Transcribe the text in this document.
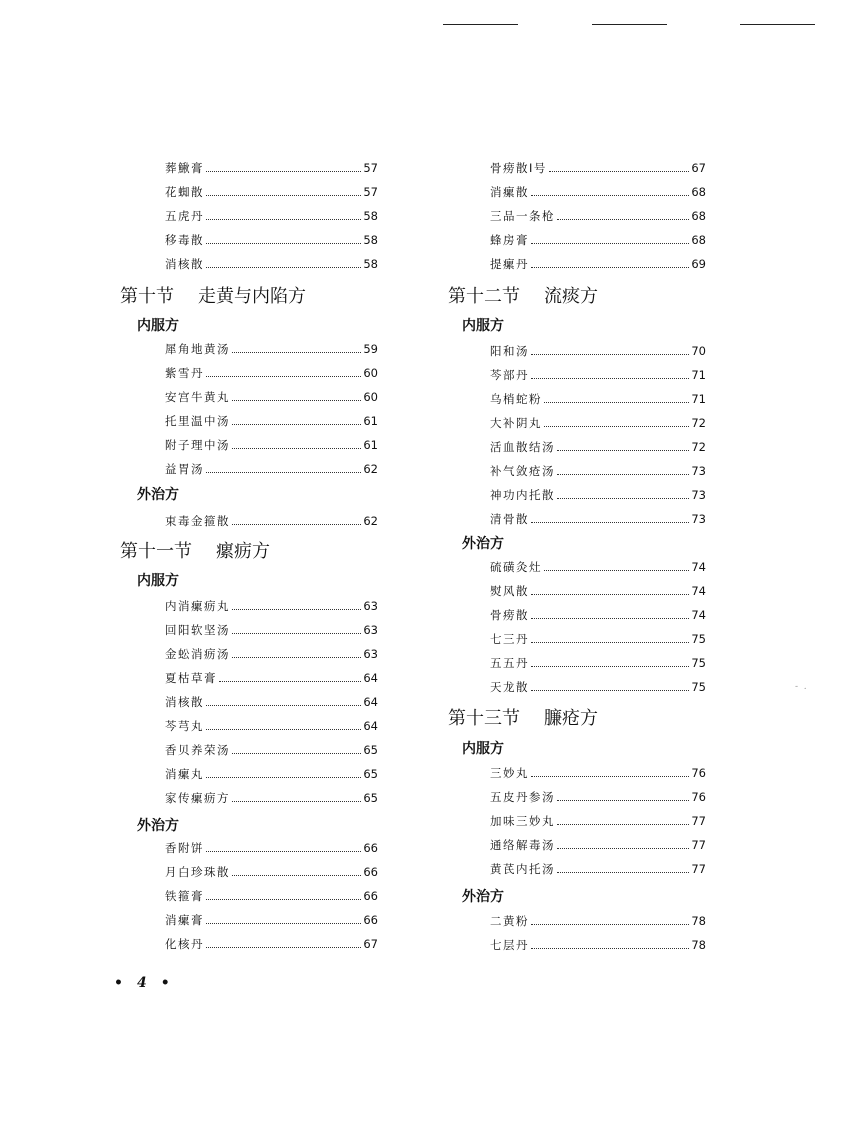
葬鰍膏	57
花蜘散	57
五虎丹	58
移毒散	58
消核散	58
第十节 走黄与内陷方
内服方
犀角地黄汤	59
紫雪丹	60
安宫牛黄丸	60
托里温中汤	61
附子理中汤	61
益胃汤	62
外治方
束毒金箍散	62
第十一节 瘰疬方
内服方
内消瘰疬丸	63
回阳软坚汤	63
金蚣消疬汤	63
夏枯草膏	64
消核散	64
芩芎丸	64
香贝养荣汤	65
消瘰丸	65
家传瘰疬方	65
外治方
香附饼	66
月白珍珠散	66
铁箍膏	66
消瘰膏	66
化核丹	67
骨痨散Ⅰ号	67
消瘰散	68
三品一条枪	68
蜂房膏	68
提瘰丹	69
第十二节 流痰方
内服方
阳和汤	70
芩部丹	71
乌梢蛇粉	71
大补阴丸	72
活血散结汤	72
补气敛疮汤	73
神功内托散	73
清骨散	73
外治方
硫磺灸灶	74
熨风散	74
骨痨散	74
七三丹	75
五五丹	75
天龙散	75
第十三节 臁疮方
内服方
三妙丸	76
五皮丹参汤	76
加味三妙丸	77
通络解毒汤	77
黄芪内托汤	77
外治方
二黄粉	78
七层丹	78
• 4 •
-  .
